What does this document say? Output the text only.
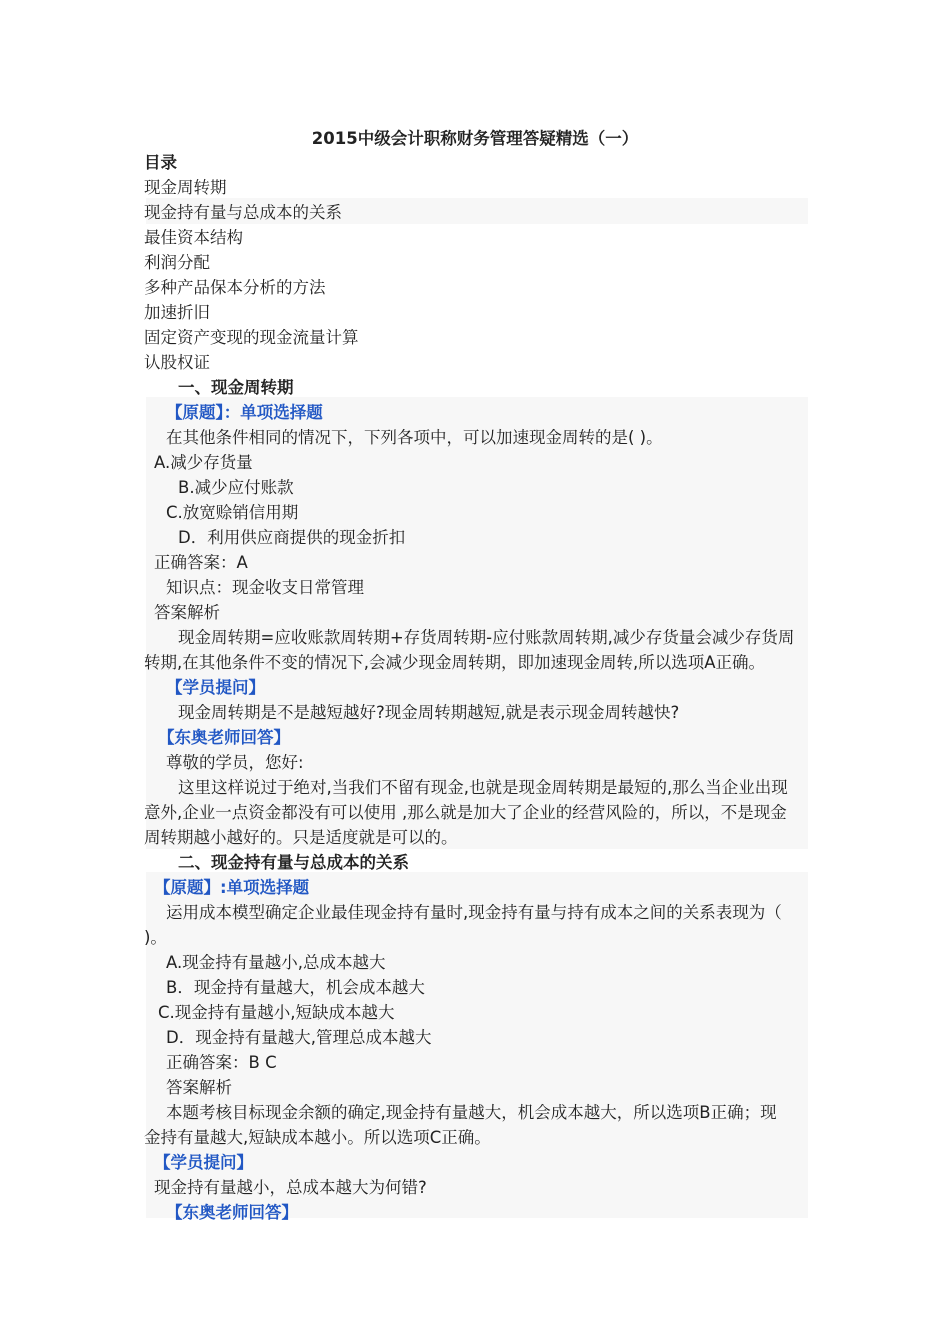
2015中级会计职称财务管理答疑精选（一）
目录
现金周转期
现金持有量与总成本的关系
最佳资本结构
利润分配
多种产品保本分析的方法
加速折旧
固定资产变现的现金流量计算
认股权证
一、现金周转期
【原题】：单项选择题
在其他条件相同的情况下，下列各项中，可以加速现金周转的是( )。
A.减少存货量
B.减少应付账款
C.放宽赊销信用期
D．利用供应商提供的现金折扣
正确答案：A
知识点：现金收支日常管理
答案解析
现金周转期=应收账款周转期+存货周转期-应付账款周转期,减少存货量会减少存货周
转期,在其他条件不变的情况下,会减少现金周转期，即加速现金周转,所以选项A正确。
【学员提问】
现金周转期是不是越短越好?现金周转期越短,就是表示现金周转越快?
【东奥老师回答】
尊敬的学员，您好:
这里这样说过于绝对,当我们不留有现金,也就是现金周转期是最短的,那么当企业出现
意外,企业一点资金都没有可以使用 ,那么就是加大了企业的经营风险的，所以，不是现金
周转期越小越好的。只是适度就是可以的。
二、现金持有量与总成本的关系
【原题】:单项选择题
运用成本模型确定企业最佳现金持有量时,现金持有量与持有成本之间的关系表现为（
)。
A.现金持有量越小,总成本越大
B．现金持有量越大，机会成本越大
C.现金持有量越小,短缺成本越大
D．现金持有量越大,管理总成本越大
正确答案：B C
答案解析
本题考核目标现金余额的确定,现金持有量越大，机会成本越大，所以选项B正确；现
金持有量越大,短缺成本越小。所以选项C正确。
【学员提问】
现金持有量越小，总成本越大为何错?
【东奥老师回答】
